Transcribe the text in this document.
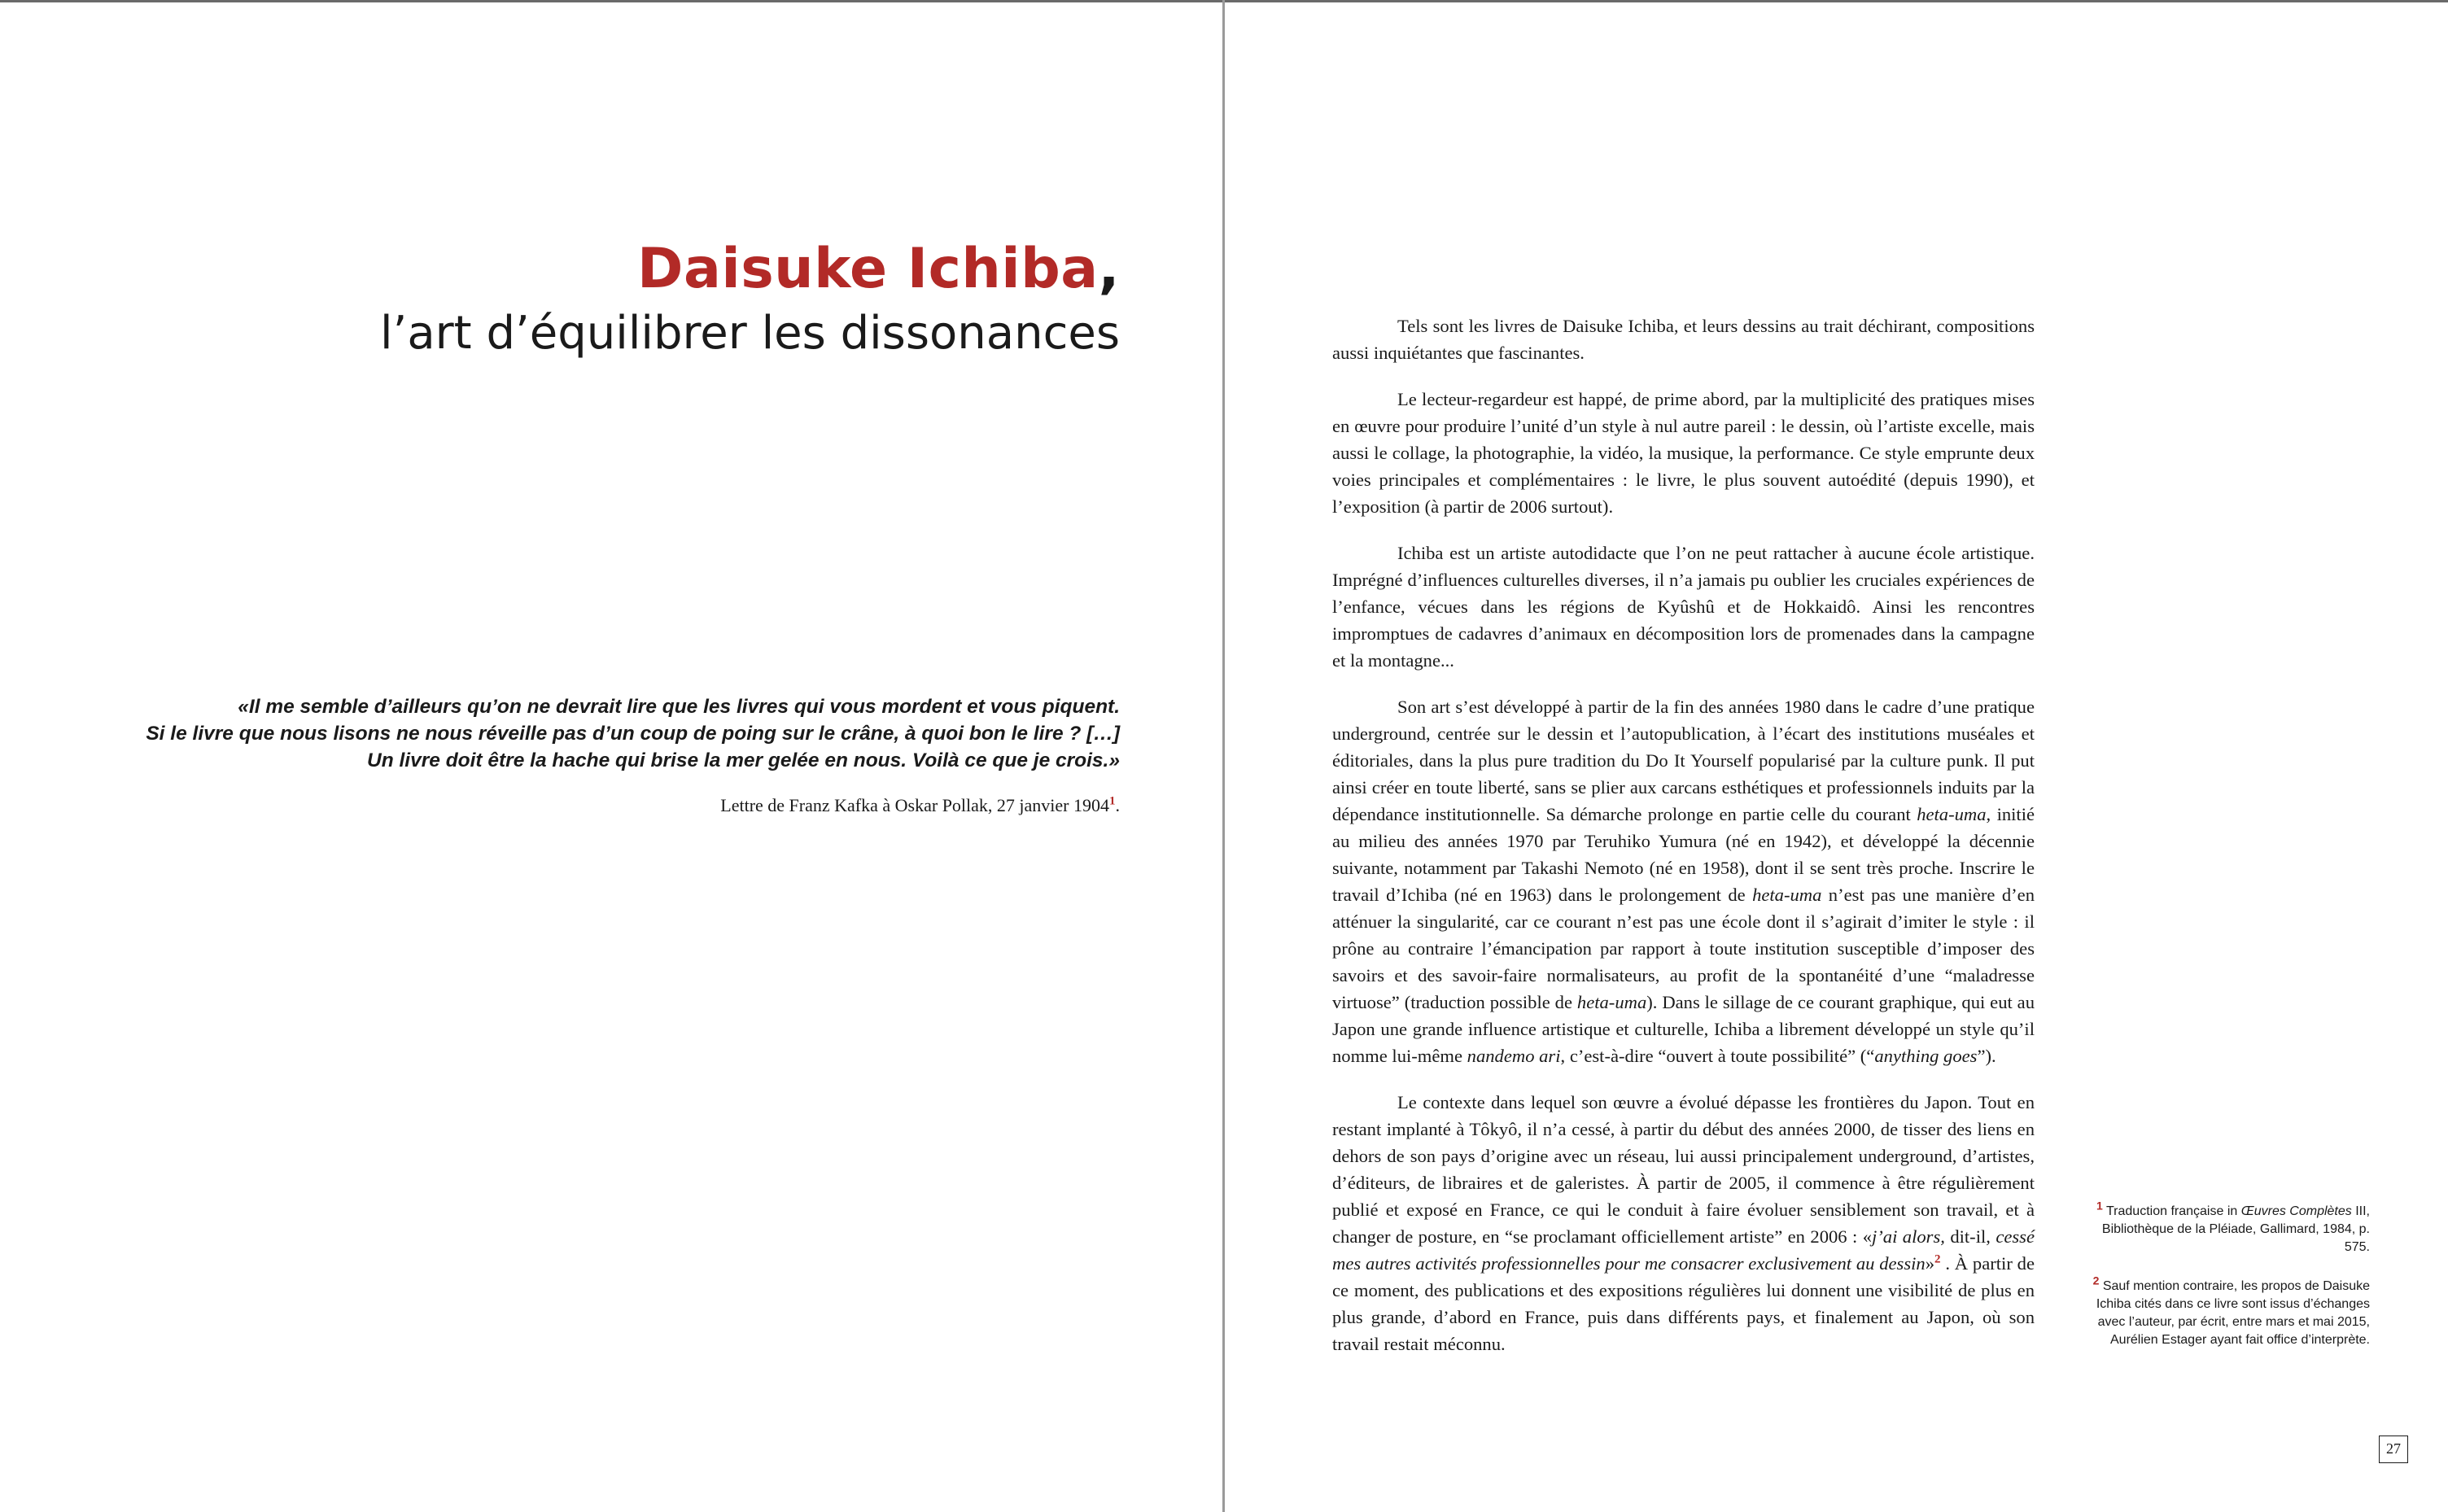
Daisuke Ichiba,
l’art d’équilibrer les dissonances
«Il me semble d’ailleurs qu’on ne devrait lire que les livres qui vous mordent et vous piquent.
Si le livre que nous lisons ne nous réveille pas d’un coup de poing sur le crâne, à quoi bon le lire ? […]
Un livre doit être la hache qui brise la mer gelée en nous. Voilà ce que je crois.»
Lettre de Franz Kafka à Oskar Pollak, 27 janvier 1904$^1$.

Tels sont les livres de Daisuke Ichiba, et leurs dessins au trait déchirant, compositions aussi inquiétantes que fascinantes.

Le lecteur-regardeur est happé, de prime abord, par la multiplicité des pratiques mises en œuvre pour produire l’unité d’un style à nul autre pareil : le dessin, où l’artiste excelle, mais aussi le collage, la photographie, la vidéo, la musique, la performance. Ce style emprunte deux voies principales et complémentaires : le livre, le plus souvent autoédité (depuis 1990), et l’exposition (à partir de 2006 surtout).

Ichiba est un artiste autodidacte que l’on ne peut rattacher à aucune école artistique. Imprégné d’influences culturelles diverses, il n’a jamais pu oublier les cruciales expériences de l’enfance, vécues dans les régions de Kyûshû et de Hokkaidô. Ainsi les rencontres impromptues de cadavres d’animaux en décomposition lors de promenades dans la campagne et la montagne...

Son art s’est développé à partir de la fin des années 1980 dans le cadre d’une pratique underground, centrée sur le dessin et l’autopublication, à l’écart des institutions muséales et éditoriales, dans la plus pure tradition du Do It Yourself popularisé par la culture punk. Il put ainsi créer en toute liberté, sans se plier aux carcans esthétiques et professionnels induits par la dépendance institutionnelle. Sa démarche prolonge en partie celle du courant heta-uma, initié au milieu des années 1970 par Teruhiko Yumura (né en 1942), et développé la décennie suivante, notamment par Takashi Nemoto (né en 1958), dont il se sent très proche. Inscrire le travail d’Ichiba (né en 1963) dans le prolongement de heta-uma n’est pas une manière d’en atténuer la singularité, car ce courant n’est pas une école dont il s’agirait d’imiter le style : il prône au contraire l’émancipation par rapport à toute institution susceptible d’imposer des savoirs et des savoir-faire normalisateurs, au profit de la spontanéité d’une “maladresse virtuose” (traduction possible de heta-uma). Dans le sillage de ce courant graphique, qui eut au Japon une grande influence artistique et culturelle, Ichiba a librement développé un style qu’il nomme lui-même nandemo ari, c’est-à-dire “ouvert à toute possibilité” (“anything goes”).

Le contexte dans lequel son œuvre a évolué dépasse les frontières du Japon. Tout en restant implanté à Tôkyô, il n’a cessé, à partir du début des années 2000, de tisser des liens en dehors de son pays d’origine avec un réseau, lui aussi principalement underground, d’artistes, d’éditeurs, de libraires et de galeristes. À partir de 2005, il commence à être régulièrement publié et exposé en France, ce qui le conduit à faire évoluer sensiblement son travail, et à changer de posture, en “se proclamant officiellement artiste” en 2006 : «j’ai alors, dit-il, cessé mes autres activités professionnelles pour me consacrer exclusivement au dessin»$^2$ . À partir de ce moment, des publications et des expositions régulières lui donnent une visibilité de plus en plus grande, d’abord en France, puis dans différents pays, et finalement au Japon, où son travail restait méconnu.

1 Traduction française in Œuvres Complètes III, Bibliothèque de la Pléiade, Gallimard, 1984, p. 575.
2 Sauf mention contraire, les propos de Daisuke Ichiba cités dans ce livre sont issus d’échanges avec l’auteur, par écrit, entre mars et mai 2015, Aurélien Estager ayant fait office d’interprète.
27
